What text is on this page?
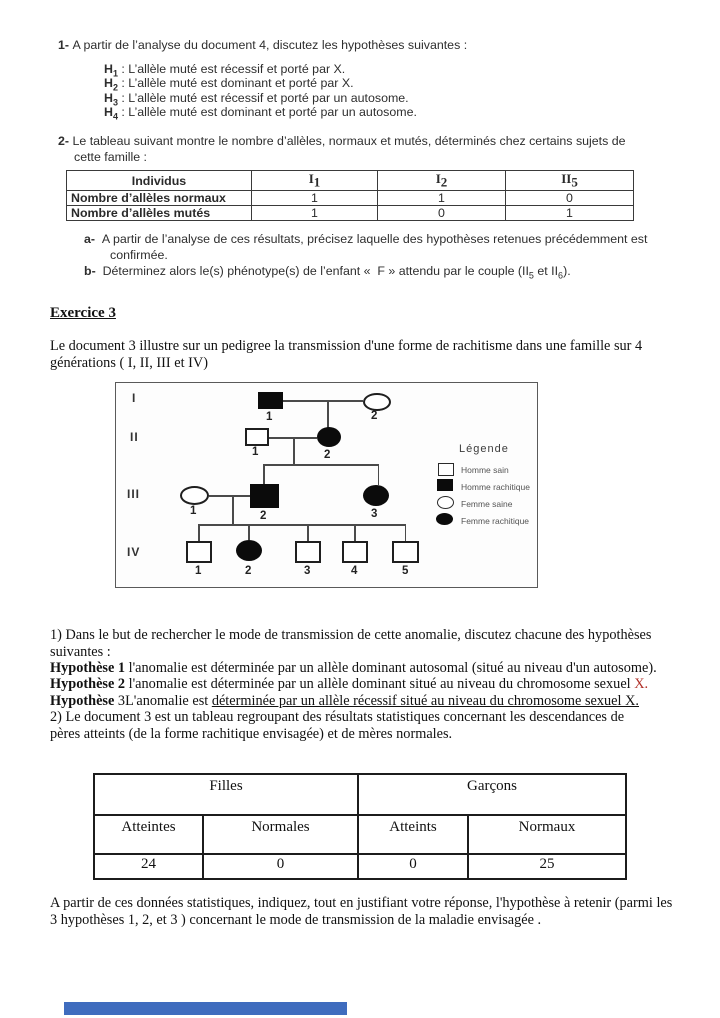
1- A partir de l’analyse du document 4, discutez les hypothèses suivantes :
$H_1$ : L’allèle muté est récessif et porté par X.
$H_2$ : L’allèle muté est dominant et porté par X.
$H_3$ : L’allèle muté est récessif et porté par un autosome.
$H_4$ : L’allèle muté est dominant et porté par un autosome.
2- Le tableau suivant montre le nombre d’allèles, normaux et mutés, déterminés chez certains sujets de
cette famille :
Individus	$I_1$	$I_2$	$II_5$
Nombre d’allèles normaux	1	1	0
Nombre d’allèles mutés	1	0	1
a- A partir de l’analyse de ces résultats, précisez laquelle des hypothèses retenues précédemment est
confirmée.
b- Déterminez alors le(s) phénotype(s) de l’enfant «  F » attendu par le couple ($II_5$ et $II_6$).
Exercice 3
Le document 3 illustre sur un pedigree la transmission d'une forme de rachitisme dans une famille sur 4
générations ( I, II, III et IV)
I
II
III
IV
1	2
1	2
1	2	3
1	2	3	4	5
Légende
Homme sain
Homme rachitique
Femme saine
Femme rachitique
1) Dans le but de rechercher le mode de transmission de cette anomalie, discutez chacune des hypothèses
suivantes :
Hypothèse 1 l'anomalie est déterminée par un allèle dominant autosomal (situé au niveau d'un autosome).
Hypothèse 2 l'anomalie est déterminée par un allèle dominant situé au niveau du chromosome sexuel X.
Hypothèse 3L'anomalie est déterminée par un allèle récessif situé au niveau du chromosome sexuel X.
2) Le document 3 est un tableau regroupant des résultats statistiques concernant les descendances de
pères atteints (de la forme rachitique envisagée) et de mères normales.
Filles		Garçons	
Atteintes	Normales	Atteints	Normaux
24	0	0	25
A partir de ces données statistiques, indiquez, tout en justifiant votre réponse, l'hypothèse à retenir (parmi les
3 hypothèses 1, 2, et 3 ) concernant le mode de transmission de la maladie envisagée .
